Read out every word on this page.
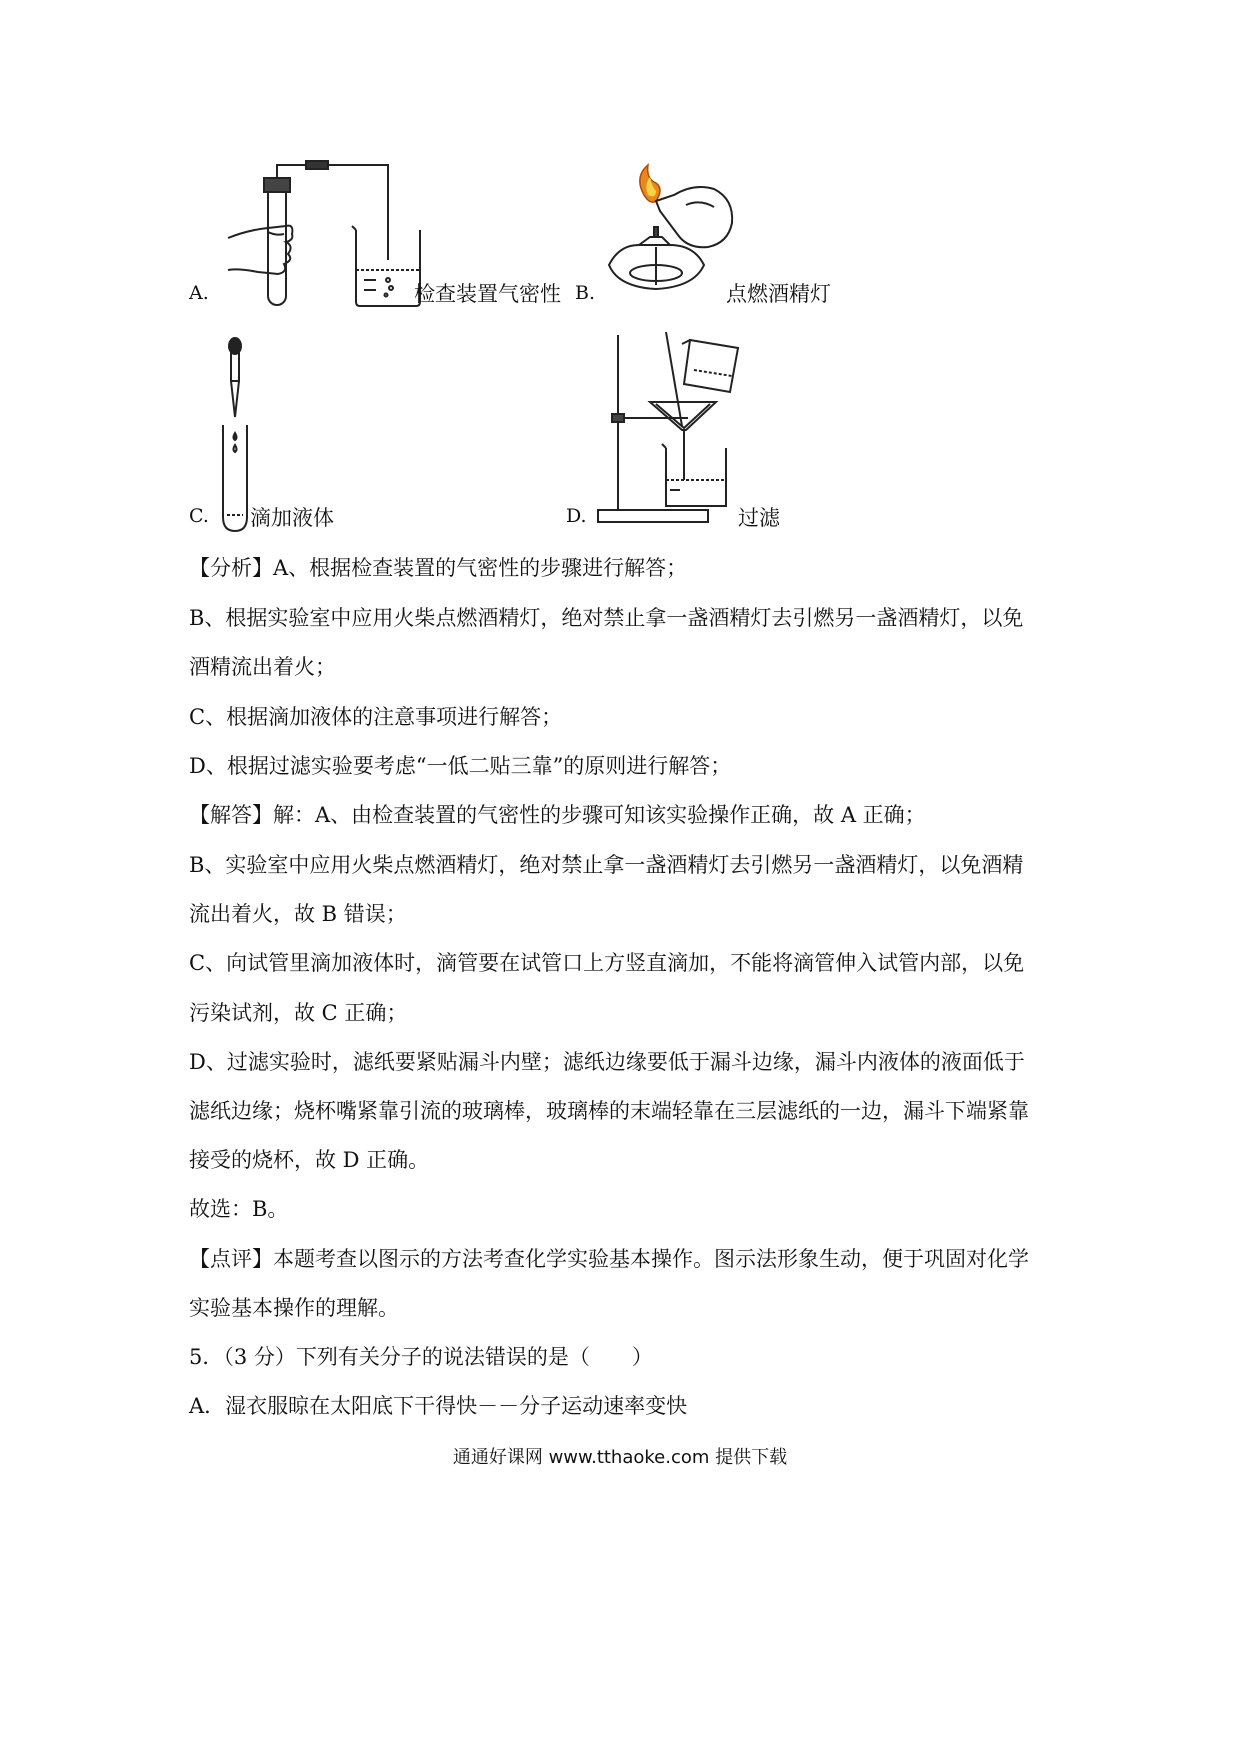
A.	检查装置气密性 B.	点燃酒精灯
C. 滴加液体	D.	过滤
【分析】A、根据检查装置的气密性的步骤进行解答；
B、根据实验室中应用火柴点燃酒精灯，绝对禁止拿一盏酒精灯去引燃另一盏酒精灯，以免
酒精流出着火；
C、根据滴加液体的注意事项进行解答；
D、根据过滤实验要考虑“一低二贴三靠”的原则进行解答；
【解答】解：A、由检查装置的气密性的步骤可知该实验操作正确，故 A 正确；
B、实验室中应用火柴点燃酒精灯，绝对禁止拿一盏酒精灯去引燃另一盏酒精灯，以免酒精
流出着火，故 B 错误；
C、向试管里滴加液体时，滴管要在试管口上方竖直滴加，不能将滴管伸入试管内部，以免
污染试剂，故 C 正确；
D、过滤实验时，滤纸要紧贴漏斗内壁；滤纸边缘要低于漏斗边缘，漏斗内液体的液面低于
滤纸边缘；烧杯嘴紧靠引流的玻璃棒，玻璃棒的末端轻靠在三层滤纸的一边，漏斗下端紧靠
接受的烧杯，故 D 正确。
故选：B。
【点评】本题考查以图示的方法考查化学实验基本操作。图示法形象生动，便于巩固对化学
实验基本操作的理解。
5．（3 分）下列有关分子的说法错误的是（　　）
A．湿衣服晾在太阳底下干得快－－分子运动速率变快
通通好课网 www.tthaoke.com 提供下载
